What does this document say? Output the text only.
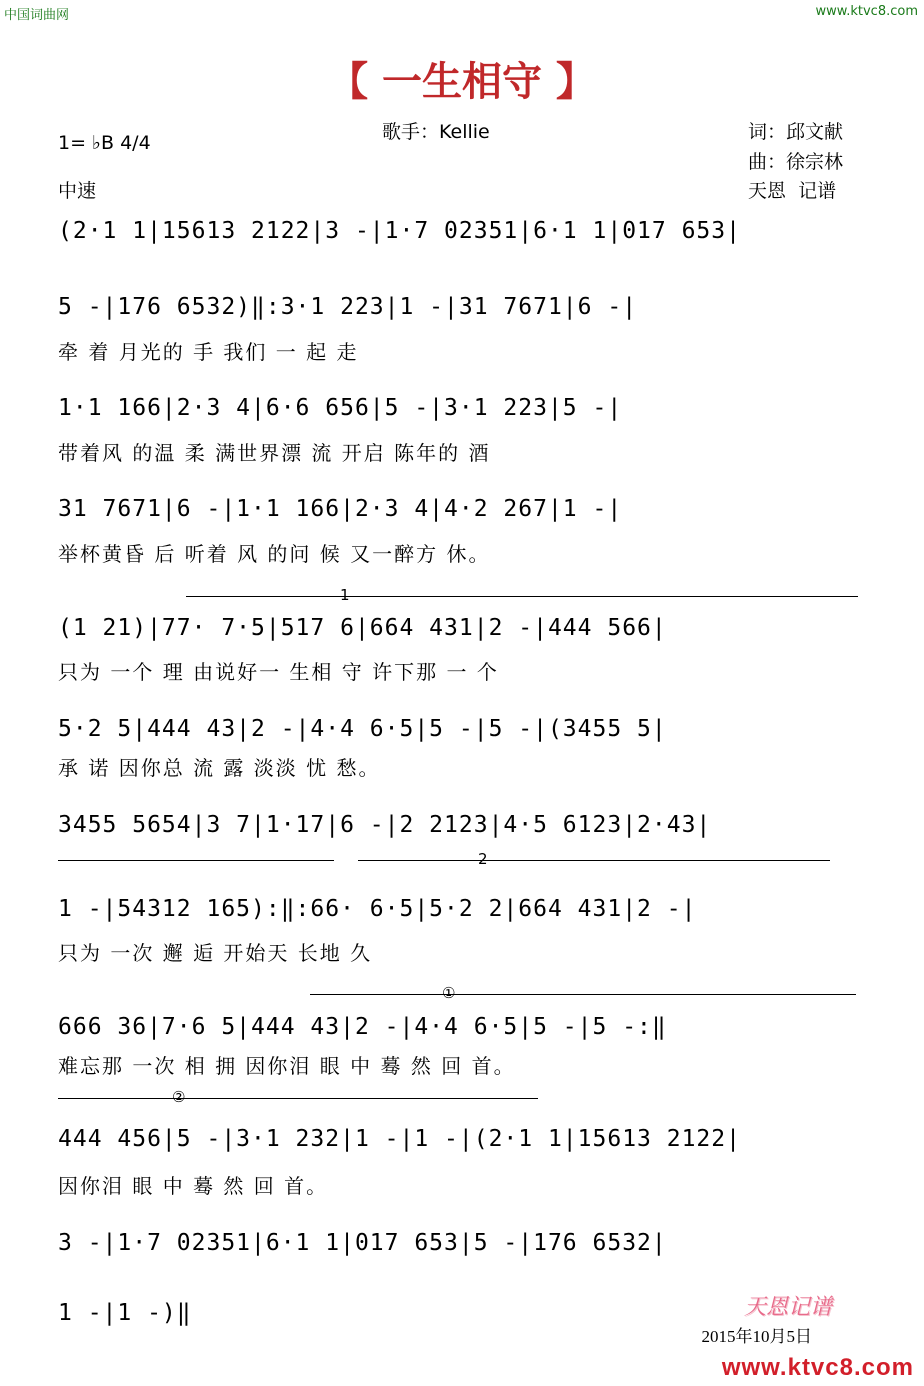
中国词曲网	www.ktvc8.com
【 一生相守 】
1= ♭B 4/4
中速
歌手：Kellie	词：邱文献
曲：徐宗林
天恩  记谱
(2·1 1|15613 2122|3 -|1·7 02351|6·1 1|017 653|
5 -|176 6532)‖:3·1 223|1 -|31 7671|6 -|
牵 着 月光的 手 我们 一 起 走
1·1 166|2·3 4|6·6 656|5 -|3·1 223|5 -|
带着风 的温 柔 满世界漂 流 开启 陈年的 酒
31 7671|6 -|1·1 166|2·3 4|4·2 267|1 -|
举杯黄昏 后 听着 风 的问 候 又一醉方 休。
1
(1 21)|77· 7·5|517 6|664 431|2 -|444 566|
只为 一个 理 由说好一 生相 守 许下那 一 个
5·2 5|444 43|2 -|4·4 6·5|5 -|5 -|(3455 5|
承 诺 因你总 流 露 淡淡 忧 愁。
3455 5654|3 7|1·17|6 -|2 2123|4·5 6123|2·43|
2
1 -|54312 165):‖:66· 6·5|5·2 2|664 431|2 -|
只为 一次 邂 逅 开始天 长地 久
①
666 36|7·6 5|444 43|2 -|4·4 6·5|5 -|5 -:‖
难忘那 一次 相 拥 因你泪 眼 中 蓦 然 回 首。
②
444 456|5 -|3·1 232|1 -|1 -|(2·1 1|15613 2122|
因你泪 眼 中 蓦 然 回 首。
3 -|1·7 02351|6·1 1|017 653|5 -|176 6532|
1 -|1 -)‖	天恩记谱
2015年10月5日
www.ktvc8.com
